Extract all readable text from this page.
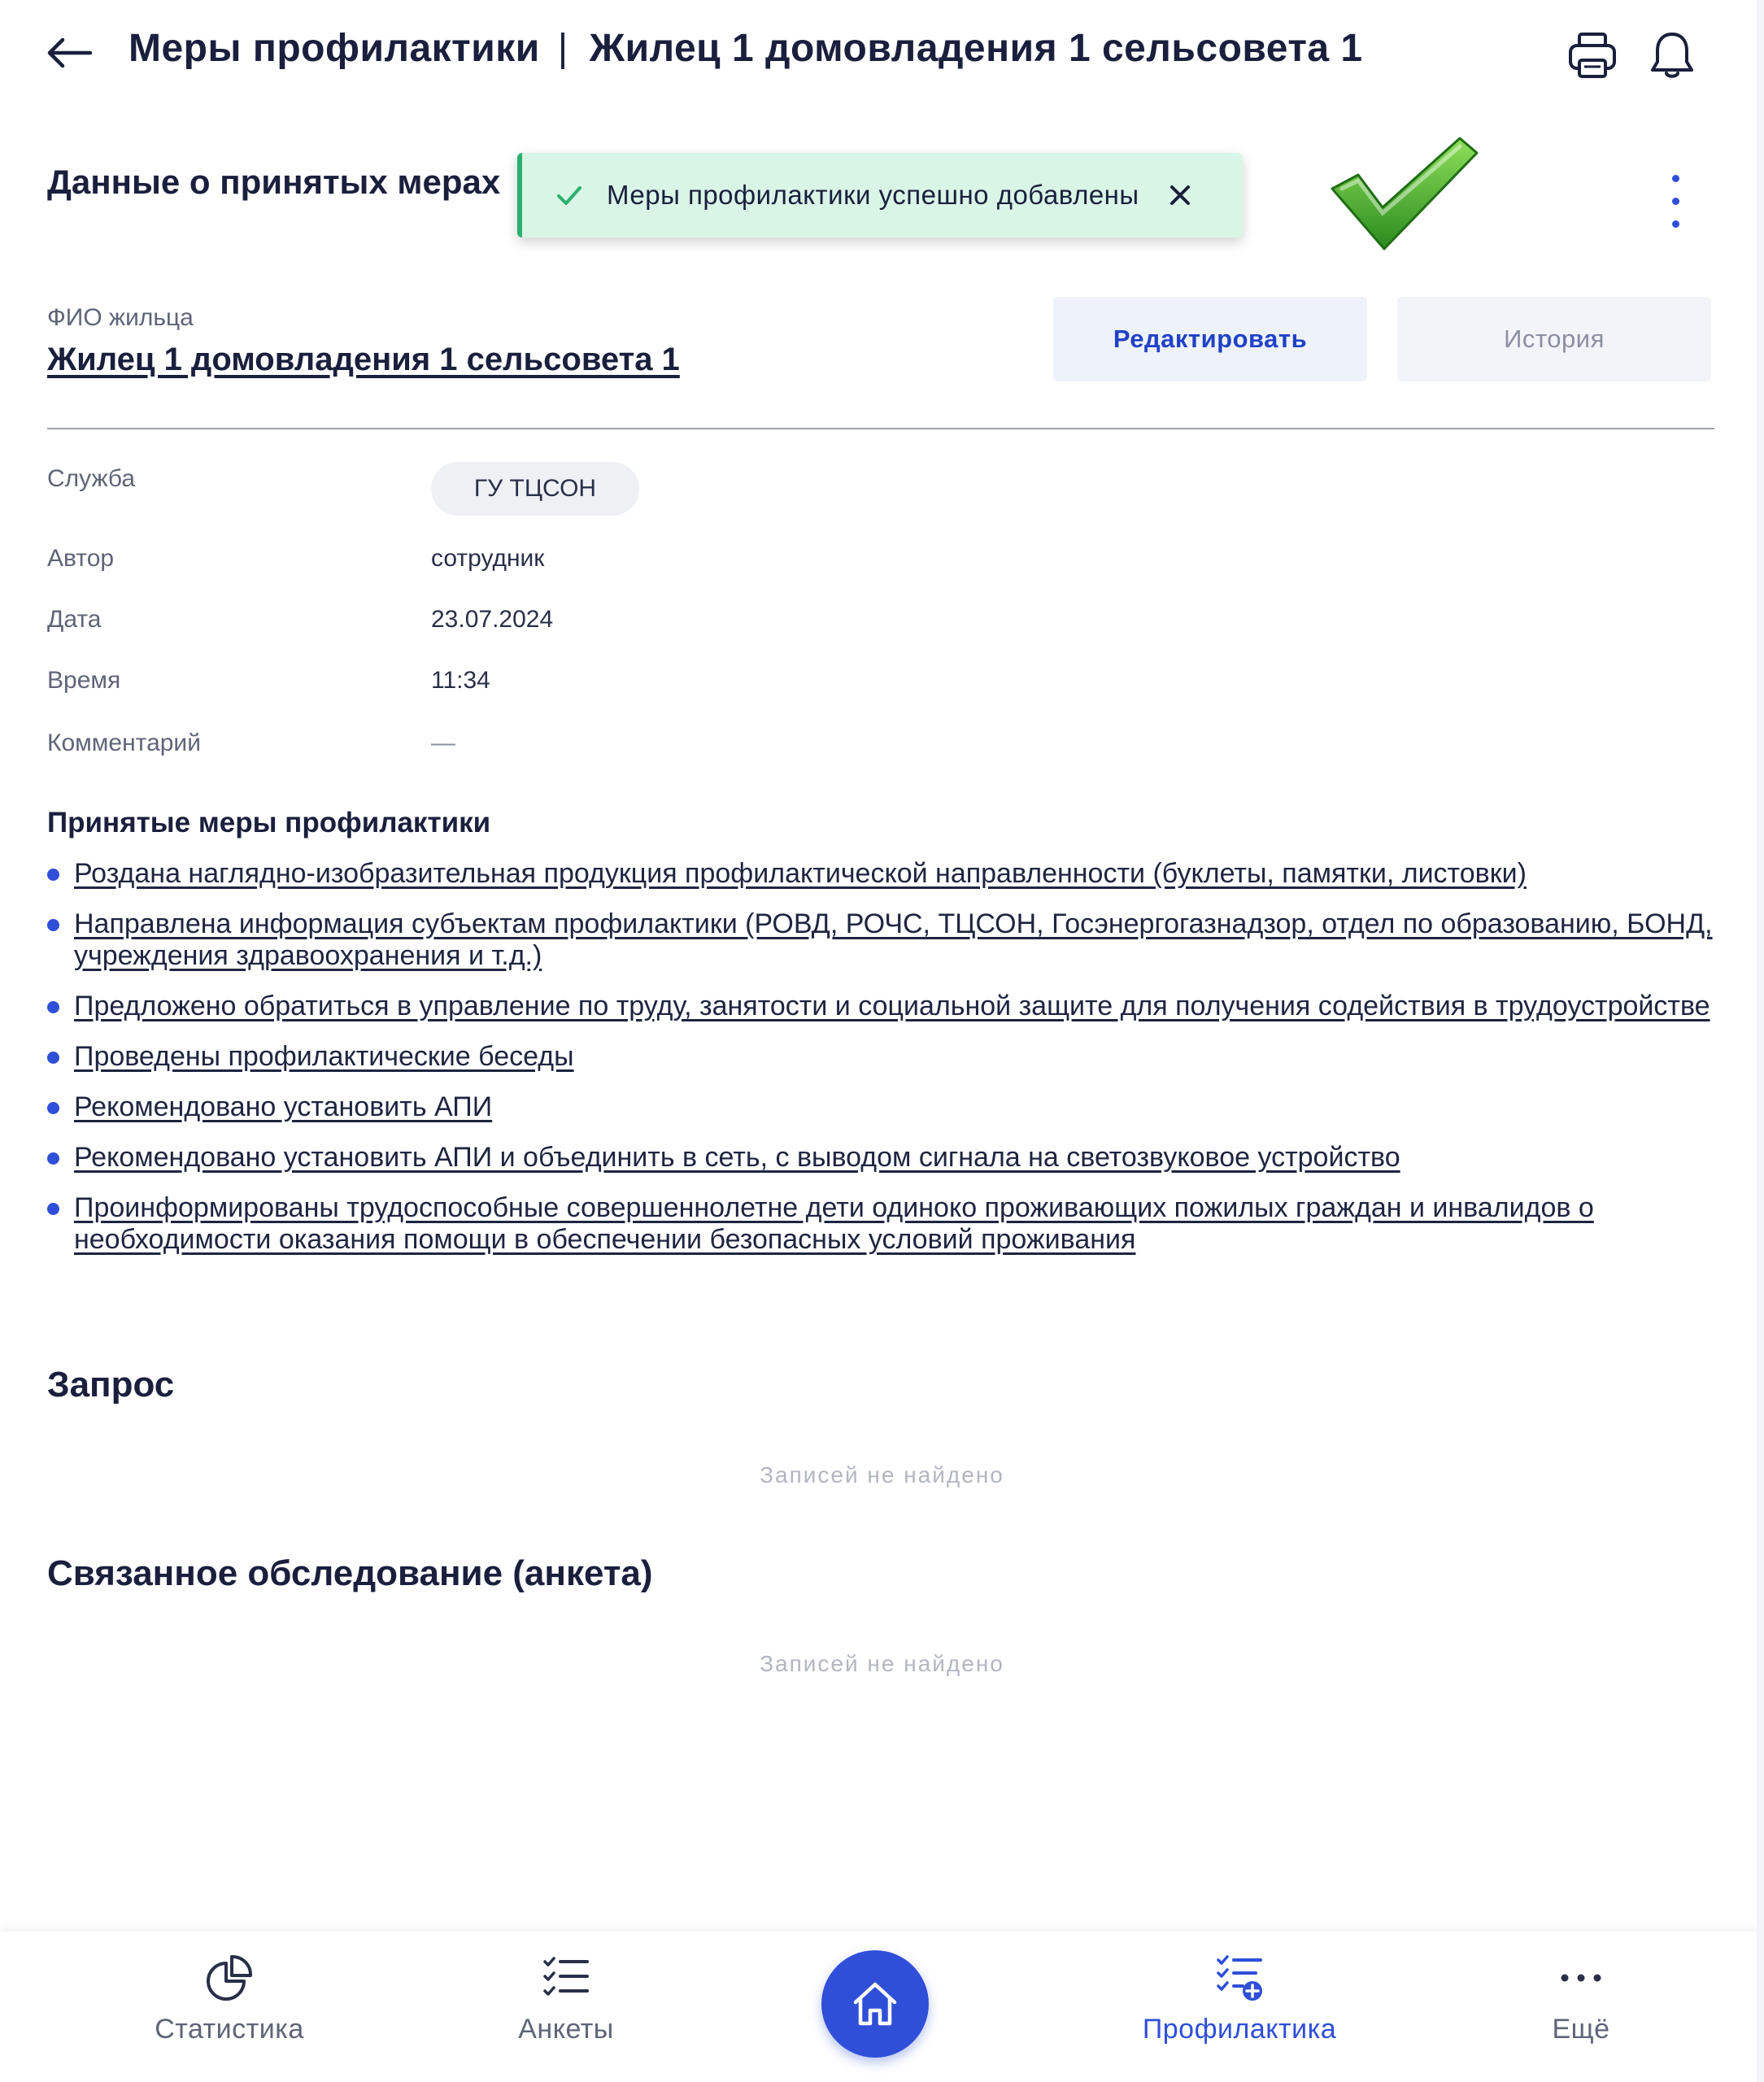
Меры профилактики | Жилец 1 домовладения 1 сельсовета 1
Данные о принятых мерах	Меры профилактики успешно добавлены
ФИО жильца
Жилец 1 домовладения 1 сельсовета 1
Редактировать	История
Служба	ГУ ТЦСОН
Автор	сотрудник
Дата	23.07.2024
Время	11:34
Комментарий	—
Принятые меры профилактики
Роздана наглядно-изобразительная продукция профилактической направленности (буклеты, памятки, листовки)
Направлена информация субъектам профилактики (РОВД, РОЧС, ТЦСОН, Госэнергогазнадзор, отдел по образованию, БОНД, учреждения здравоохранения и т.д.)
Предложено обратиться в управление по труду, занятости и социальной защите для получения содействия в трудоустройстве
Проведены профилактические беседы
Рекомендовано установить АПИ
Рекомендовано установить АПИ и объединить в сеть, с выводом сигнала на светозвуковое устройство
Проинформированы трудоспособные совершеннолетне дети одиноко проживающих пожилых граждан и инвалидов о необходимости оказания помощи в обеспечении безопасных условий проживания
Запрос
Записей не найдено
Связанное обследование (анкета)
Записей не найдено
Статистика	Анкеты	Профилактика	Ещё
